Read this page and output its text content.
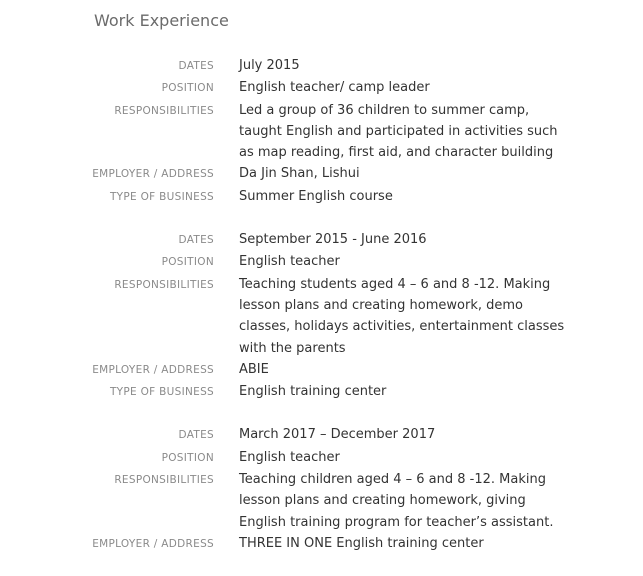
Work Experience
DATES July 2015
POSITION English teacher/ camp leader
RESPONSIBILITIES Led a group of 36 children to summer camp, taught English and participated in activities such as map reading, first aid, and character building
EMPLOYER / ADDRESS Da Jin Shan, Lishui
TYPE OF BUSINESS Summer English course
DATES September 2015 - June 2016
POSITION English teacher
RESPONSIBILITIES Teaching students aged 4 – 6 and 8 -12. Making lesson plans and creating homework, demo classes, holidays activities, entertainment classes with the parents
EMPLOYER / ADDRESS ABIE
TYPE OF BUSINESS English training center
DATES March 2017 – December 2017
POSITION English teacher
RESPONSIBILITIES Teaching children aged 4 – 6 and 8 -12. Making lesson plans and creating homework, giving English training program for teacher’s assistant.
EMPLOYER / ADDRESS THREE IN ONE English training center
